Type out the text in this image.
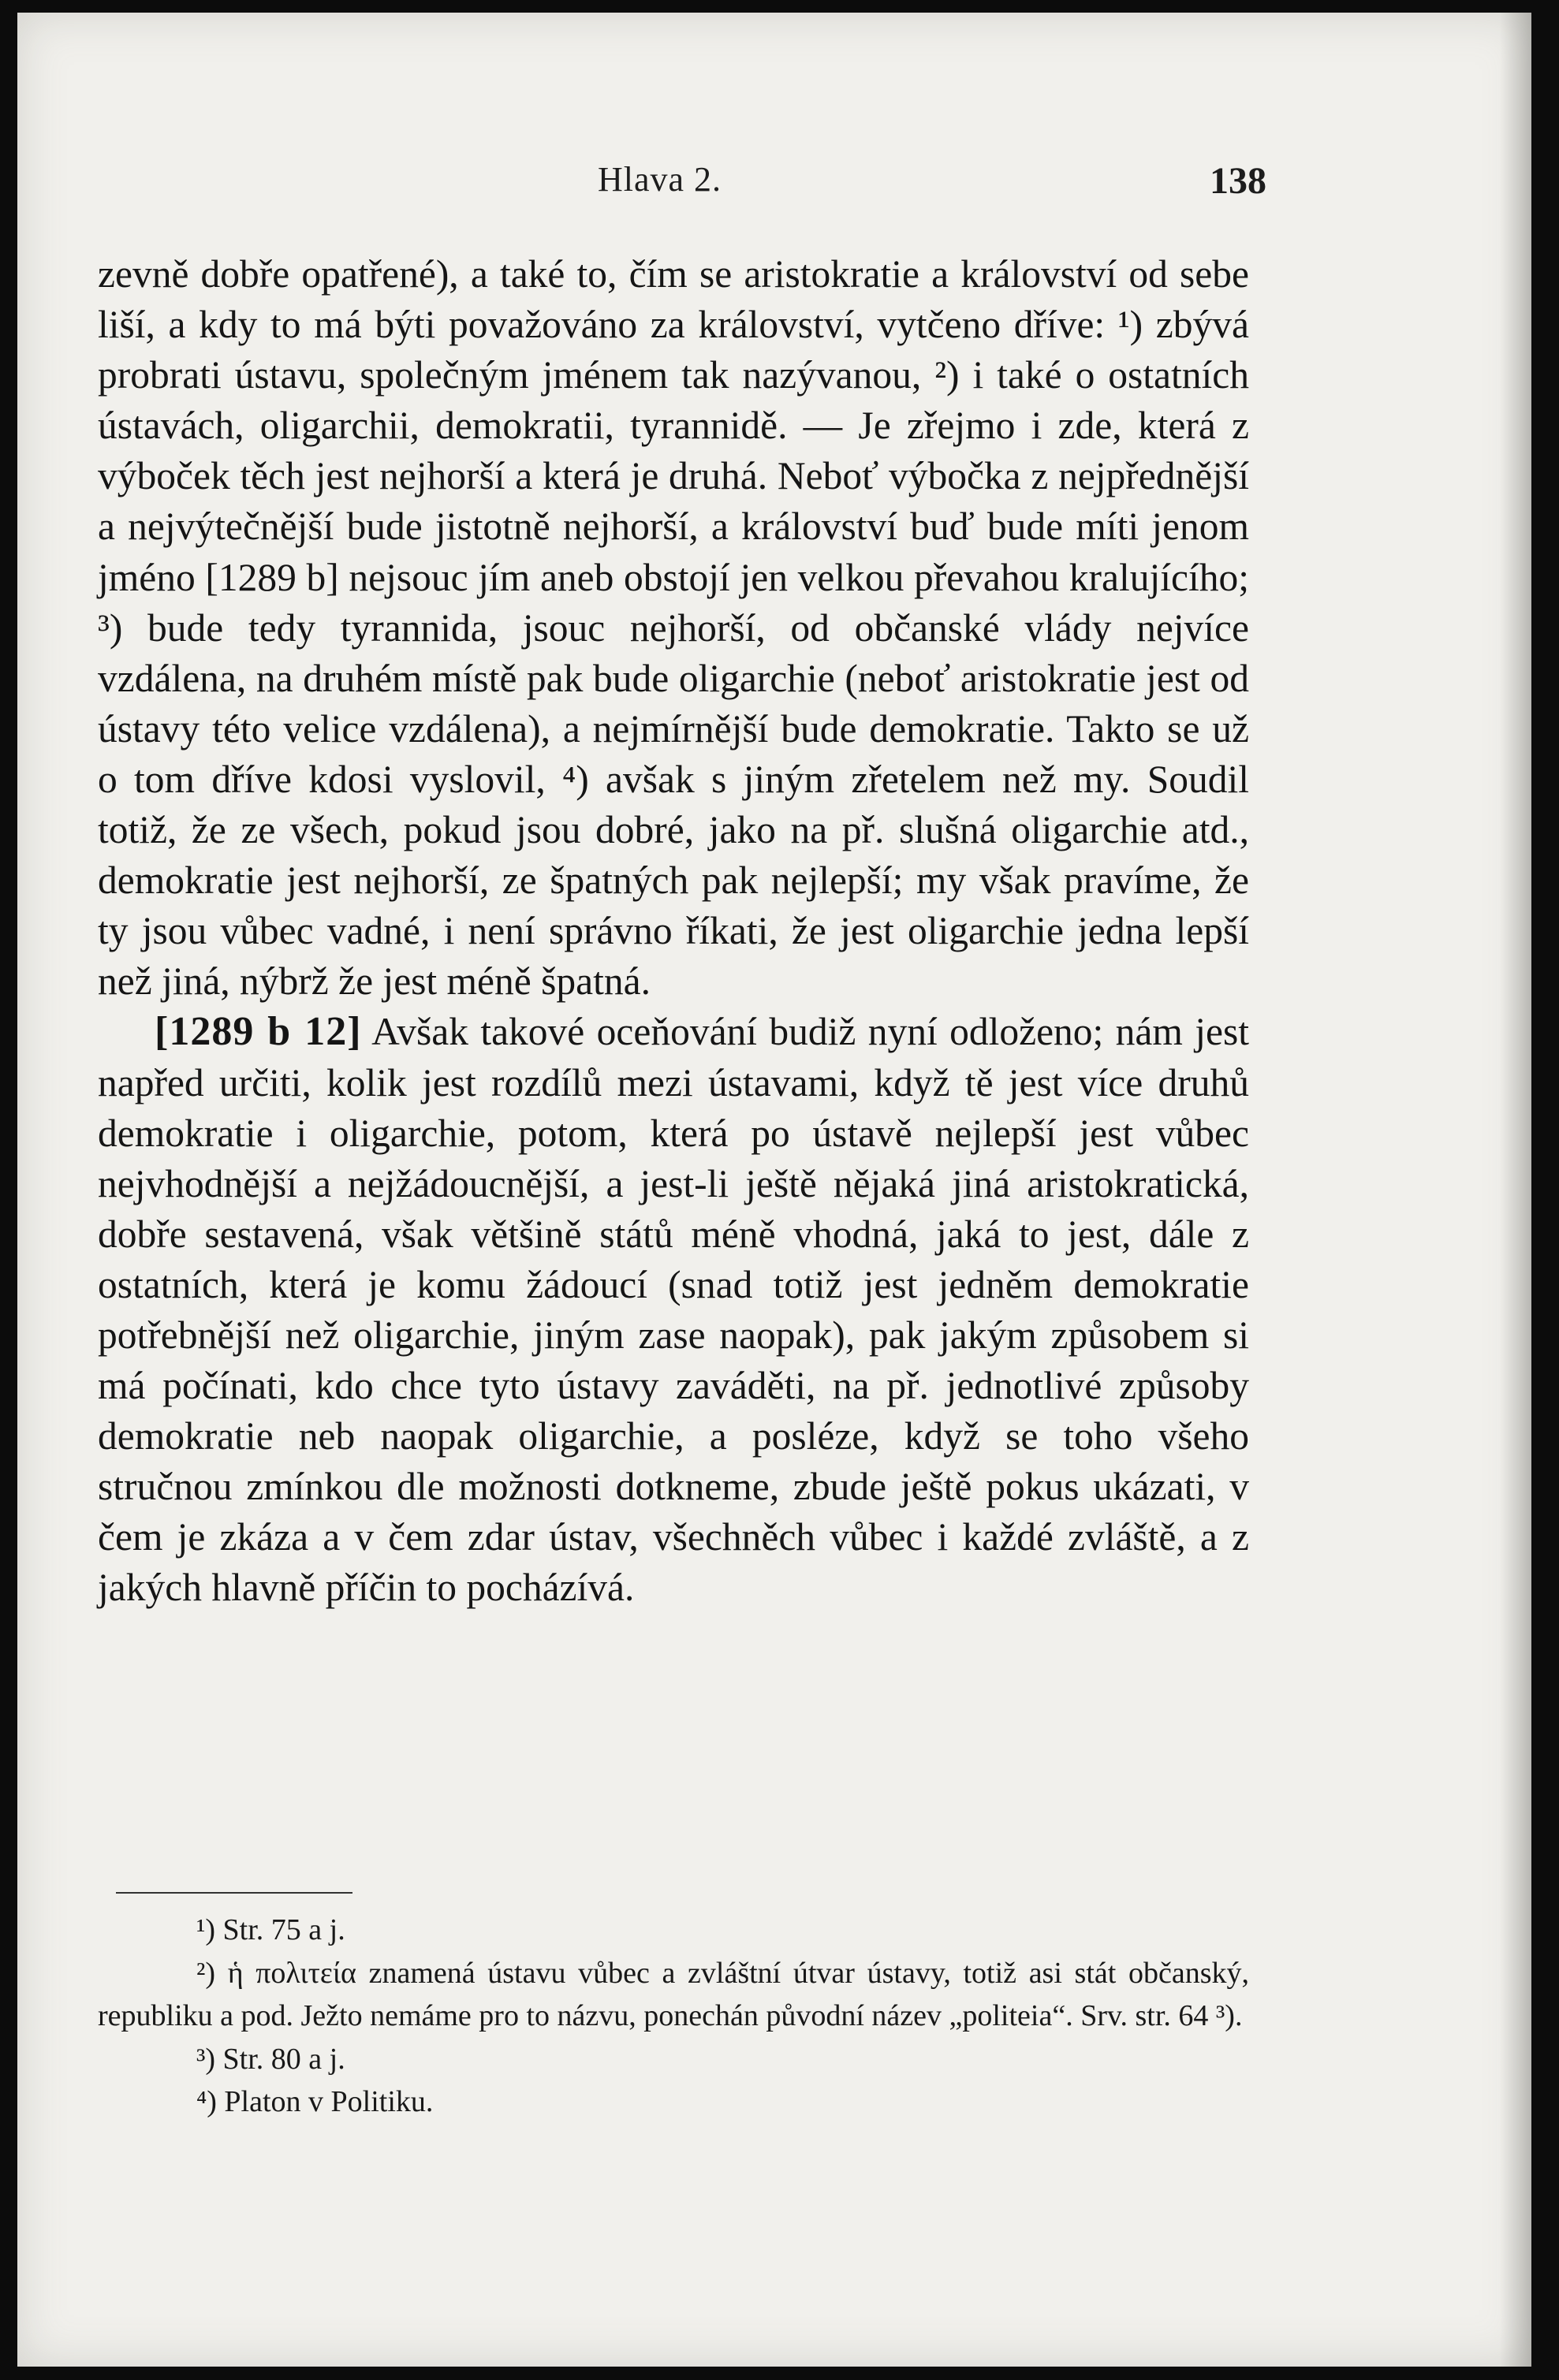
Hlava 2.	138

zevně dobře opatřené), a také to, čím se aristokratie a království od sebe liší, a kdy to má býti považováno za království, vytčeno dříve: ¹) zbývá probrati ústavu, společným jménem tak nazývanou, ²) i také o ostatních ústavách, oligarchii, demokratii, tyrannidě. — Je zřejmo i zde, která z výboček těch jest nejhorší a která je druhá. Neboť výbočka z nejpřednější a nejvýtečnější bude jistotně nejhorší, a království buď bude míti jenom jméno [1289 b] nejsouc jím aneb obstojí jen velkou převahou kralujícího; ³) bude tedy tyrannida, jsouc nejhorší, od občanské vlády nejvíce vzdálena, na druhém místě pak bude oligarchie (neboť aristokratie jest od ústavy této velice vzdálena), a nejmírnější bude demokratie. Takto se už o tom dříve kdosi vyslovil, ⁴) avšak s jiným zřetelem než my. Soudil totiž, že ze všech, pokud jsou dobré, jako na př. slušná oligarchie atd., demokratie jest nejhorší, ze špatných pak nejlepší; my však pravíme, že ty jsou vůbec vadné, i není správno říkati, že jest oligarchie jedna lepší než jiná, nýbrž že jest méně špatná.

[1289 b 12] Avšak takové oceňování budiž nyní odloženo; nám jest napřed určiti, kolik jest rozdílů mezi ústavami, když tě jest více druhů demokratie i oligarchie, potom, která po ústavě nejlepší jest vůbec nejvhodnější a nejžádoucnější, a jest-li ještě nějaká jiná aristokratická, dobře sestavená, však většině států méně vhodná, jaká to jest, dále z ostatních, která je komu žádoucí (snad totiž jest jedněm demokratie potřebnější než oligarchie, jiným zase naopak), pak jakým způsobem si má počínati, kdo chce tyto ústavy zaváděti, na př. jednotlivé způsoby demokratie neb naopak oligarchie, a posléze, když se toho všeho stručnou zmínkou dle možnosti dotkneme, zbude ještě pokus ukázati, v čem je zkáza a v čem zdar ústav, všechněch vůbec i každé zvláště, a z jakých hlavně příčin to pocházívá.

¹) Str. 75 a j.

²) ἡ πολιτεία znamená ústavu vůbec a zvláštní útvar ústavy, totiž asi stát občanský, republiku a pod. Ježto nemáme pro to názvu, ponechán původní název „politeia“. Srv. str. 64 ³).

³) Str. 80 a j.

⁴) Platon v Politiku.
